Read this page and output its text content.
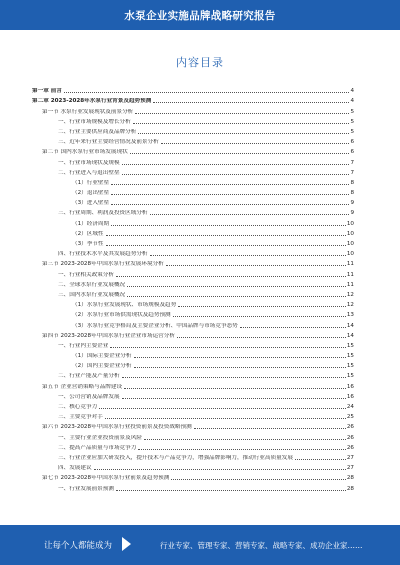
水泵企业实施品牌战略研究报告
内容目录
第一章 前言	4
第二章 2023-2028年水泵行业背景及趋势预测	4
第一节 水泵行业发展现状及前景分析	5
一、行业市场规模及增长分析	5
二、行业主要供应商及品牌分析	5
三、近年来行业主要经营情况及前景分析	6
第二节 国内水泵行业市场发展现状	6
一、行业市场现状及规模	7
二、行业进入与退出壁垒	7
（1）行业壁垒	8
（2）退出壁垒	8
（3）进入壁垒	9
三、行业周期、利润及投资区域分析	9
（1）经济周期	10
（2）区域性	10
（3）季节性	10
四、行业技术水平及其发展趋势分析	10
第三节 2023-2028年中国水泵行业发展环境分析	11
一、行业相关政策分析	11
二、全球水泵行业发展概况	11
三、国内水泵行业发展概况	12
（1）水泵行业发展现状、市场规模及趋势	12
（2）水泵行业市场供需现状及趋势预测	13
（3）水泵行业竞争格局及主要企业分析、中国品牌与市场竞争态势	14
第四节 2023-2028年中国水泵行业企业市场运营分析	14
一、行业内主要企业	15
（1）国际主要企业分析	15
（2）国内主要企业分析	15
二、行业产能及产量分析	15
第五节 企业营销策略与品牌建设	16
一、公司营销及品牌发展	16
二、核心竞争力	24
三、主要竞争对手	25
第六节 2023-2028年中国水泵行业投资前景及投资战略预测	26
一、主要行业企业投资前景及风险	26
二、提高产品质量与市场竞争力	26
三、行业企业应加大研发投入，提升技术与产品竞争力，增强品牌影响力，推动行业高质量发展	27
四、发展建议	27
第七节 2023-2028年中国水泵行业前景及趋势预测	28
一、行业发展前景预测	28
让每个人都能成为	行业专家、管理专家、营销专家、战略专家、成功企业家……
